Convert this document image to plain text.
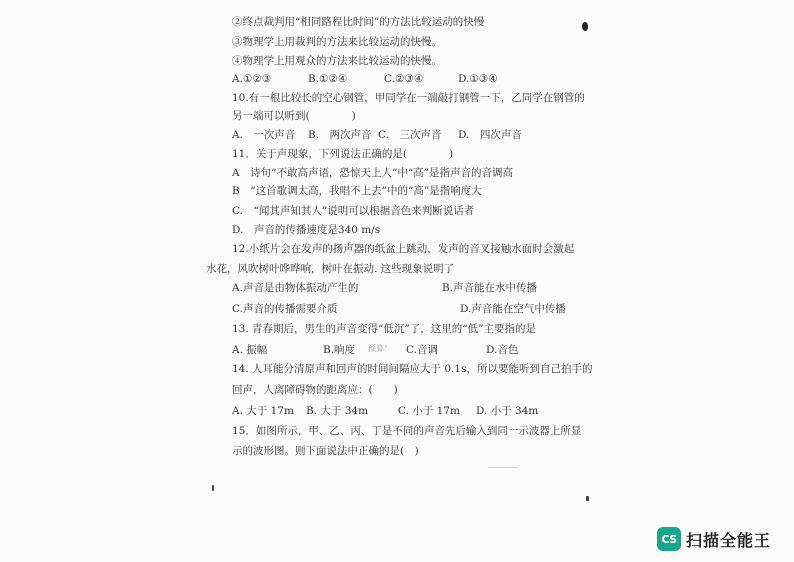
②终点裁判用“相同路程比时间”的方法比较运动的快慢
③物理学上用裁判的方法来比较运动的快慢。
④物理学上用观众的方法来比较运动的快慢。
A.①②③	B.①②④	C.②③④	D.①③④
10.有一根比较长的空心钢管，甲同学在一端敲打钢管一下，乙同学在钢管的
另一端可以听到(　　　　)
A.　一次声音 B.　两次声音 C.　三次声音 D.　四次声音
11．关于声现象，下列说法正确的是(　　　　)
A　诗句“不敢高声语，恐惊天上人”中“高”是指声音的音调高
B　“这首歌调太高，我唱不上去”中的“高”是指响度大
C.　“闻其声知其人”说明可以根据音色来判断说话者
D.　声音的传播速度是340 m/s
12.小纸片会在发声的扬声器的纸盆上跳动，发声的音叉接触水面时会激起
水花，风吹树叶哗哗响，树叶在振动. 这些现象说明了
A.声音是由物体振动产生的	B.声音能在水中传播
C.声音的传播需要介质	D.声音能在空气中传播
13. 青春期后，男生的声音变得“低沉”了，这里的“低”主要指的是
A. 振幅	B.响度 预算！ C.音调	D.音色
14. 人耳能分清原声和回声的时间间隔应大于 0.1s，所以要能听到自己拍手的
回声，人离障碍物的距离应：(　　)
A. 大于 17m B. 大于 34m	C. 小于 17m D. 小于 34m
15．如图所示，甲、乙、丙、丁是不同的声音先后输入到同一示波器上所显
示的波形图。则下面说法中正确的是(　)
CS 扫描全能王
